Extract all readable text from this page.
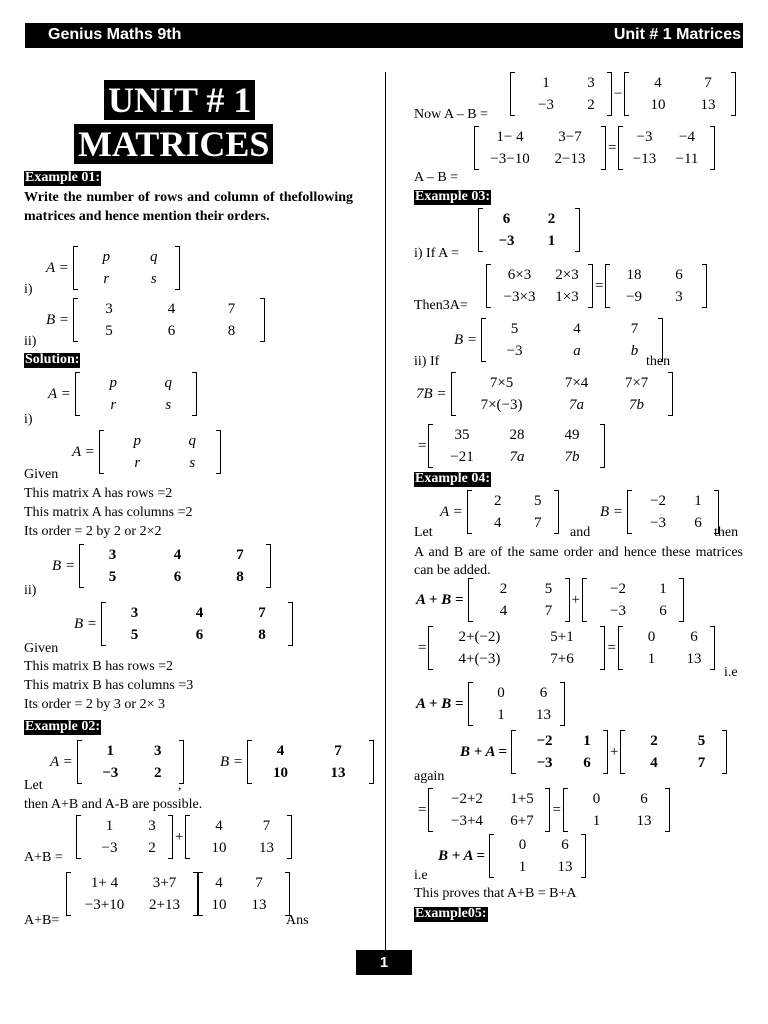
Genius Maths 9th	Unit # 1 Matrices
UNIT # 1
MATRICES
Example 01:
Write the number of rows and column of thefollowing matrices and hence mention their orders.
A =
p	q
r	s
i)
B =
3	4	7
5	6	8
ii)
Solution:
A =
p	q
r	s
i)
A =
p	q
r	s
Given
This matrix A has rows =2
This matrix A has columns =2
Its order = 2 by 2 or 2×2
B =
3	4	7
5	6	8
ii)
B =
3	4	7
5	6	8
Given
This matrix B has rows =2
This matrix B has columns =3
Its order = 2 by 3 or 2× 3
Example 02:
A =
1	3
−3	2
B =
4	7
10	13
Let	,
then A+B and A-B are possible.
1	3
−3	2
+
4	7
10	13
A+B =
1+ 4	3+7
−3+10	2+13
4	7
10	13
A+B=	Ans
1	3
−3	2
−
4	7
10	13
Now A – B =
1− 4	3−7
−3−10	2−13
=
−3	−4
−13	−11
A – B =
Example 03:
6	2
−3	1
i) If A =
6×3	2×3
−3×3	1×3
=
18	6
−9	3
Then3A=
B =
5	4	7
−3	a	b
ii) If	then
7B =
7×5	7×4	7×7
7×(−3)	7a	7b
=
35	28	49
−21	7a	7b
Example 04:
A =
2	5
4	7
B =
−2	1
−3	6
Let	and	then
A and B are of the same order and hence these matrices can be added.
A + B =
2	5
4	7
+
−2	1
−3	6
=
2+(−2)	5+1
4+(−3)	7+6
=
0	6
1	13
i.e
A + B =
0	6
1	13
B + A =
−2	1
−3	6
+
2	5
4	7
again
=
−2+2	1+5
−3+4	6+7
=
0	6
1	13
B + A =
0	6
1	13
i.e
This proves that A+B = B+A
Example05:
1
